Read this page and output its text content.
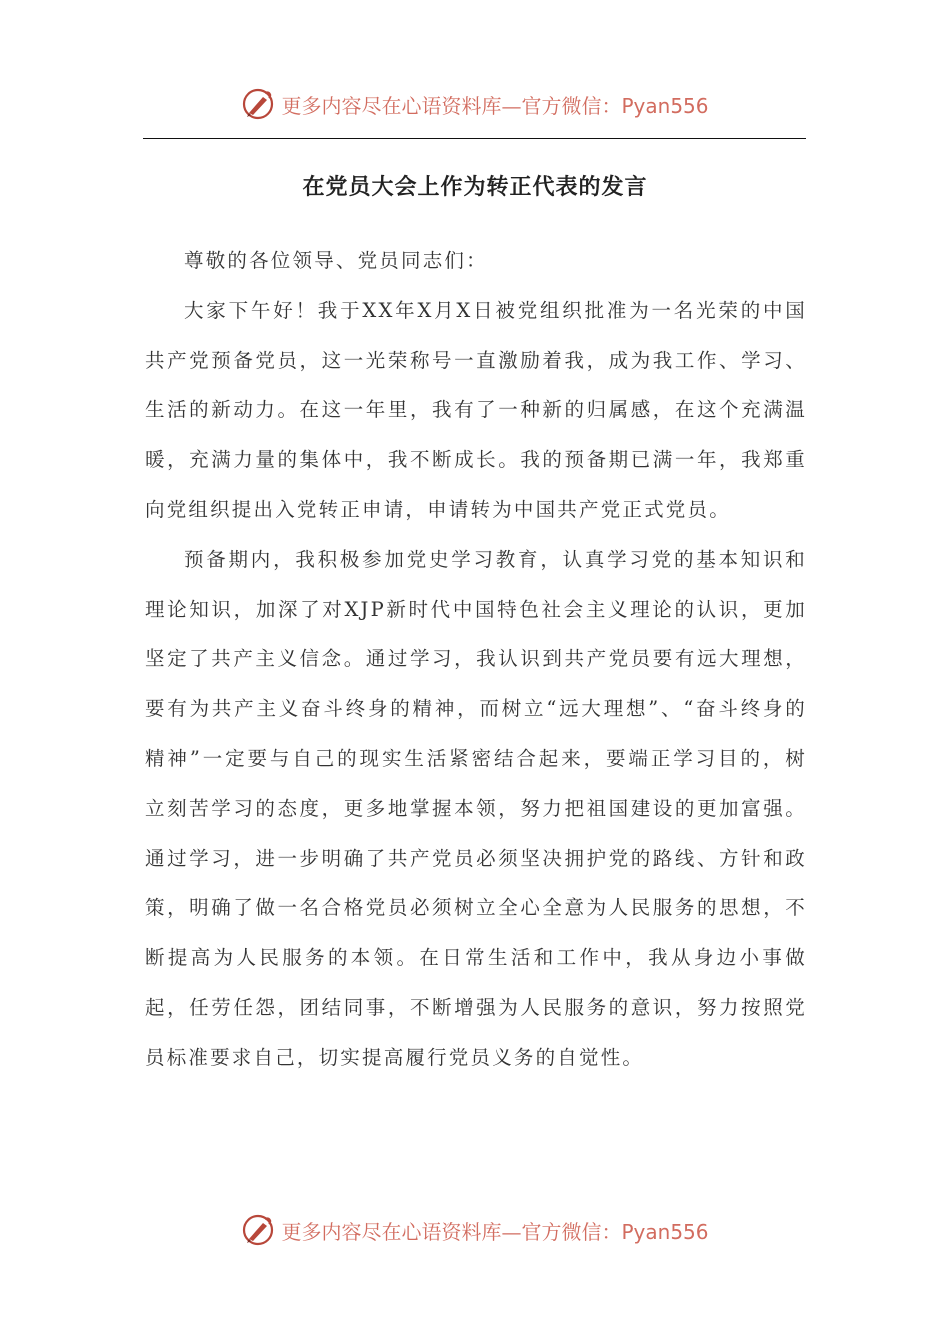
更多内容尽在心语资料库—官方微信：Pyan556
在党员大会上作为转正代表的发言

尊敬的各位领导、党员同志们：

大家下午好！我于XX年X月X日被党组织批准为一名光荣的中国共产党预备党员，这一光荣称号一直激励着我，成为我工作、学习、生活的新动力。在这一年里，我有了一种新的归属感，在这个充满温暖，充满力量的集体中，我不断成长。我的预备期已满一年，我郑重向党组织提出入党转正申请，申请转为中国共产党正式党员。

预备期内，我积极参加党史学习教育，认真学习党的基本知识和理论知识，加深了对XJP新时代中国特色社会主义理论的认识，更加坚定了共产主义信念。通过学习，我认识到共产党员要有远大理想，要有为共产主义奋斗终身的精神，而树立“远大理想”、“奋斗终身的精神”一定要与自己的现实生活紧密结合起来，要端正学习目的，树立刻苦学习的态度，更多地掌握本领，努力把祖国建设的更加富强。通过学习，进一步明确了共产党员必须坚决拥护党的路线、方针和政策，明确了做一名合格党员必须树立全心全意为人民服务的思想，不断提高为人民服务的本领。在日常生活和工作中，我从身边小事做起，任劳任怨，团结同事，不断增强为人民服务的意识，努力按照党员标准要求自己，切实提高履行党员义务的自觉性。

更多内容尽在心语资料库—官方微信：Pyan556
